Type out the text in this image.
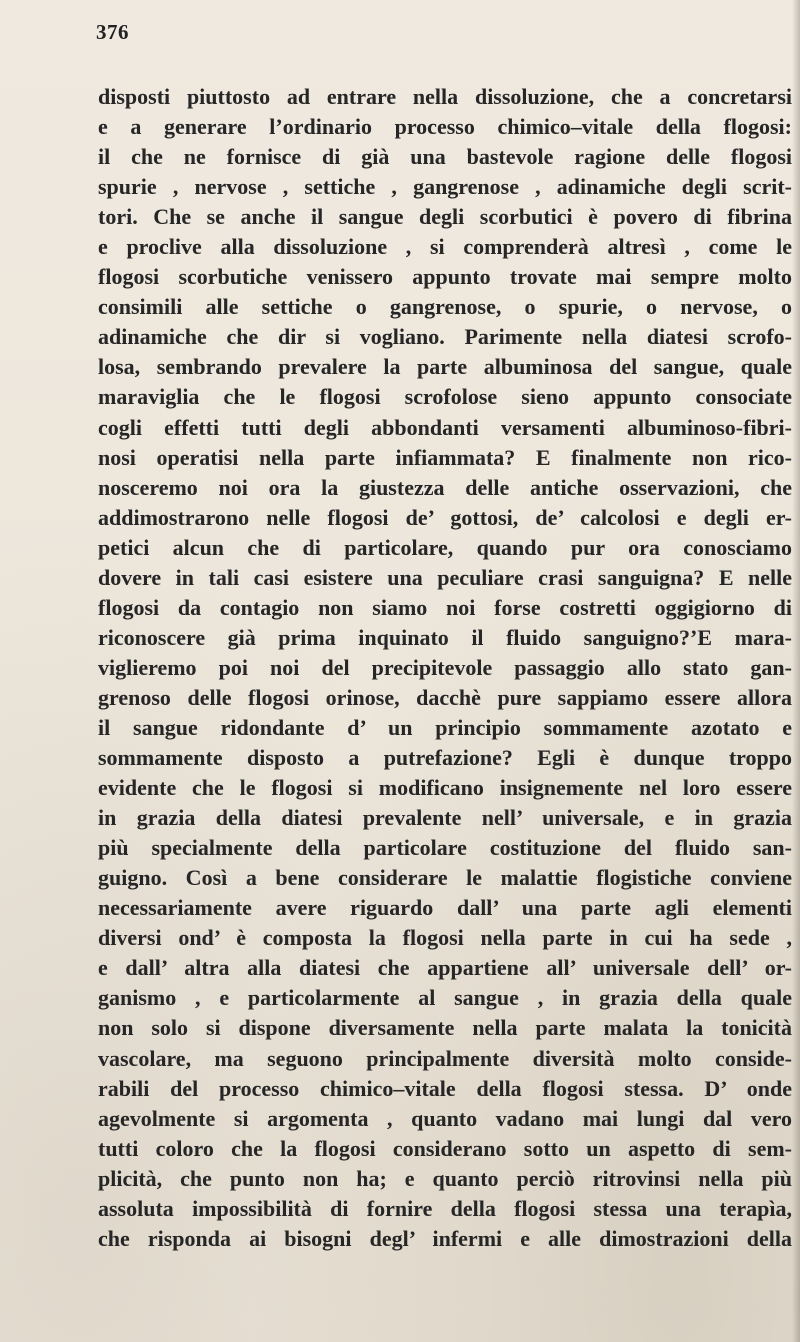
376
disposti piuttosto ad entrare nella dissoluzione, che a concretarsi
e a generare l’ordinario processo chimico–vitale della flogosi:
il che ne fornisce di già una bastevole ragione delle flogosi
spurie , nervose , settiche , gangrenose , adinamiche degli scrit-
tori. Che se anche il sangue degli scorbutici è povero di fibrina
e proclive alla dissoluzione , si comprenderà altresì , come le
flogosi scorbutiche venissero appunto trovate mai sempre molto
consimili alle settiche o gangrenose, o spurie, o nervose, o
adinamiche che dir si vogliano. Parimente nella diatesi scrofo-
losa, sembrando prevalere la parte albuminosa del sangue, quale
maraviglia che le flogosi scrofolose sieno appunto consociate
cogli effetti tutti degli abbondanti versamenti albuminoso-fibri-
nosi operatisi nella parte infiammata? E finalmente non rico-
nosceremo noi ora la giustezza delle antiche osservazioni, che
addimostrarono nelle flogosi de’ gottosi, de’ calcolosi e degli er-
petici alcun che di particolare, quando pur ora conosciamo
dovere in tali casi esistere una peculiare crasi sanguigna? E nelle
flogosi da contagio non siamo noi forse costretti oggigiorno di
riconoscere già prima inquinato il fluido sanguigno?’E mara-
viglieremo poi noi del precipitevole passaggio allo stato gan-
grenoso delle flogosi orinose, dacchè pure sappiamo essere allora
il sangue ridondante d’ un principio sommamente azotato e
sommamente disposto a putrefazione? Egli è dunque troppo
evidente che le flogosi si modificano insignemente nel loro essere
in grazia della diatesi prevalente nell’ universale, e in grazia
più specialmente della particolare costituzione del fluido san-
guigno. Così a bene considerare le malattie flogistiche conviene
necessariamente avere riguardo dall’ una parte agli elementi
diversi ond’ è composta la flogosi nella parte in cui ha sede ,
e dall’ altra alla diatesi che appartiene all’ universale dell’ or-
ganismo , e particolarmente al sangue , in grazia della quale
non solo si dispone diversamente nella parte malata la tonicità
vascolare, ma seguono principalmente diversità molto conside-
rabili del processo chimico–vitale della flogosi stessa. D’ onde
agevolmente si argomenta , quanto vadano mai lungi dal vero
tutti coloro che la flogosi considerano sotto un aspetto di sem-
plicità, che punto non ha; e quanto perciò ritrovinsi nella più
assoluta impossibilità di fornire della flogosi stessa una terapìa,
che risponda ai bisogni degl’ infermi e alle dimostrazioni della
